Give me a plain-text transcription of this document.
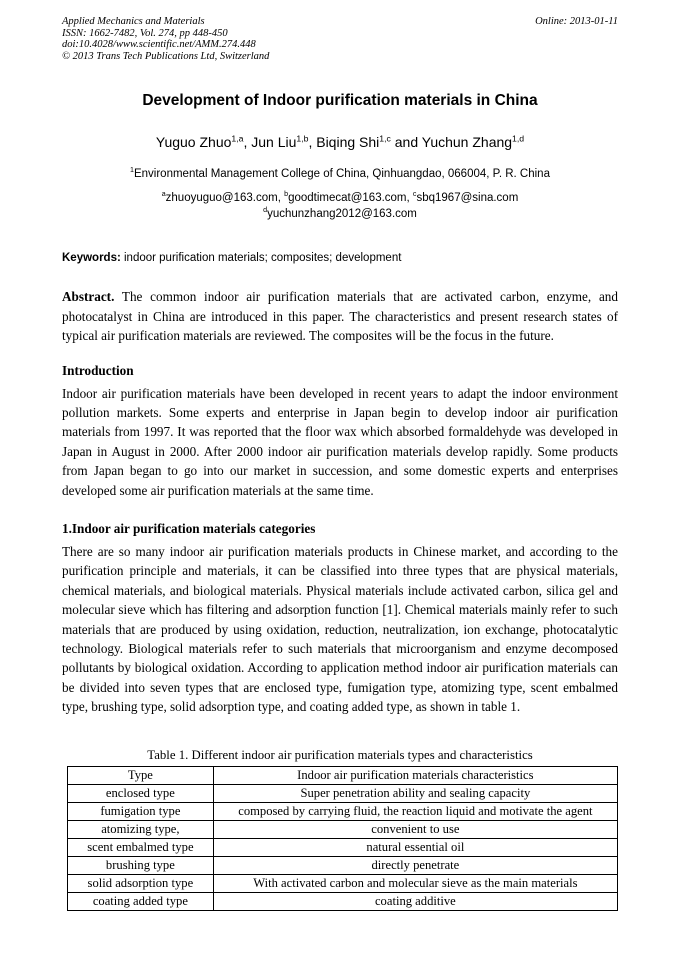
Applied Mechanics and Materials
ISSN: 1662-7482, Vol. 274, pp 448-450
doi:10.4028/www.scientific.net/AMM.274.448
© 2013 Trans Tech Publications Ltd, Switzerland
Online: 2013-01-11
Development of Indoor purification materials in China
Yuguo Zhuo$^{1,a}$, Jun Liu$^{1,b}$, Biqing Shi$^{1,c}$ and Yuchun Zhang$^{1,d}$
$^1$Environmental Management College of China, Qinhuangdao, 066004, P. R. China
$^a$zhuoyuguo@163.com, $^b$goodtimecat@163.com, $^c$sbq1967@sina.com
$^d$yuchunzhang2012@163.com
Keywords: indoor purification materials; composites; development
Abstract. The common indoor air purification materials that are activated carbon, enzyme, and photocatalyst in China are introduced in this paper. The characteristics and present research states of typical air purification materials are reviewed. The composites will be the focus in the future.
Introduction
Indoor air purification materials have been developed in recent years to adapt the indoor environment pollution markets. Some experts and enterprise in Japan begin to develop indoor air purification materials from 1997. It was reported that the floor wax which absorbed formaldehyde was developed in Japan in August in 2000. After 2000 indoor air purification materials develop rapidly. Some products from Japan began to go into our market in succession, and some domestic experts and enterprises developed some air purification materials at the same time.
1.Indoor air purification materials categories
There are so many indoor air purification materials products in Chinese market, and according to the purification principle and materials, it can be classified into three types that are physical materials, chemical materials, and biological materials. Physical materials include activated carbon, silica gel and molecular sieve which has filtering and adsorption function [1]. Chemical materials mainly refer to such materials that are produced by using oxidation, reduction, neutralization, ion exchange, photocatalytic technology. Biological materials refer to such materials that microorganism and enzyme decomposed pollutants by biological oxidation. According to application method indoor air purification materials can be divided into seven types that are enclosed type, fumigation type, atomizing type, scent embalmed type, brushing type, solid adsorption type, and coating added type, as shown in table 1.
Table 1. Different indoor air purification materials types and characteristics
Type	Indoor air purification materials characteristics
enclosed type	Super penetration ability and sealing capacity
fumigation type	composed by carrying fluid, the reaction liquid and motivate the agent
atomizing type,	convenient to use
scent embalmed type	natural essential oil
brushing type	directly penetrate
solid adsorption type	With activated carbon and molecular sieve as the main materials
coating added type	coating additive
